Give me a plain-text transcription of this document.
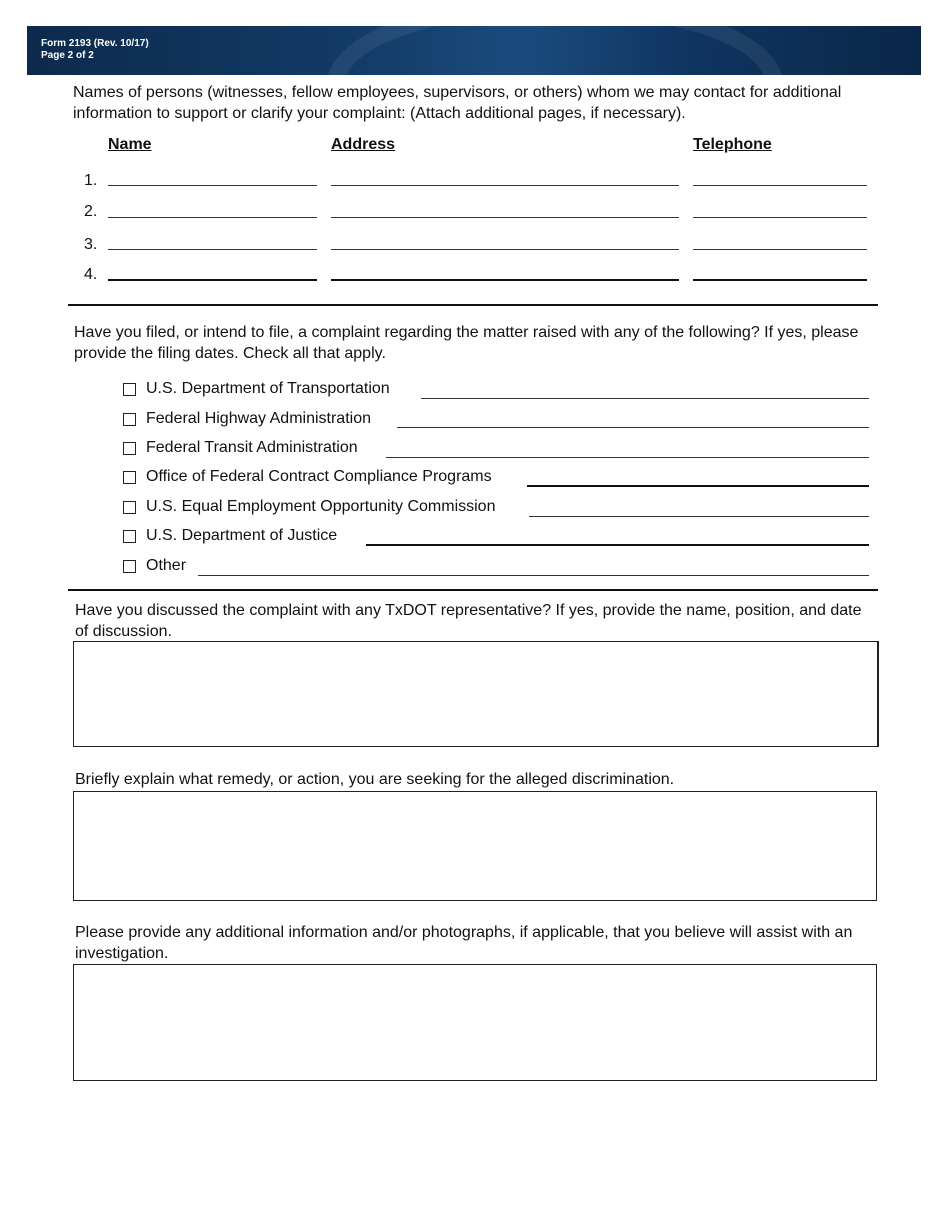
Form 2193 (Rev. 10/17)
Page 2 of 2

Names of persons (witnesses, fellow employees, supervisors, or others) whom we may contact for additional information to support or clarify your complaint: (Attach additional pages, if necessary).

Name	Address	Telephone
1.
2.
3.
4.

Have you filed, or intend to file, a complaint regarding the matter raised with any of the following? If yes, please provide the filing dates. Check all that apply.

U.S. Department of Transportation
Federal Highway Administration
Federal Transit Administration
Office of Federal Contract Compliance Programs
U.S. Equal Employment Opportunity Commission
U.S. Department of Justice
Other

Have you discussed the complaint with any TxDOT representative? If yes, provide the name, position, and date of discussion.

Briefly explain what remedy, or action, you are seeking for the alleged discrimination.

Please provide any additional information and/or photographs, if applicable, that you believe will assist with an investigation.
